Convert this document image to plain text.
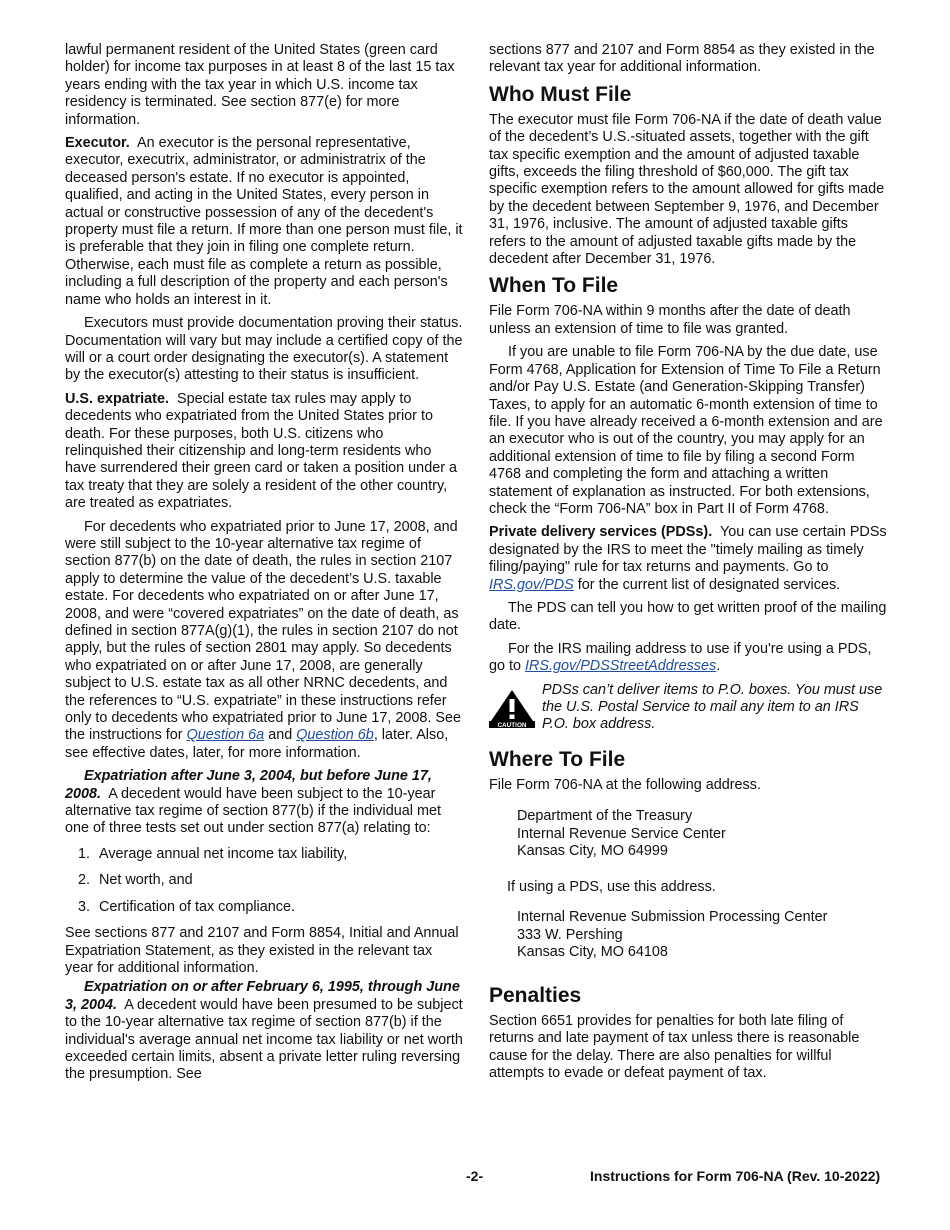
lawful permanent resident of the United States (green card holder) for income tax purposes in at least 8 of the last 15 tax years ending with the tax year in which U.S. income tax residency is terminated. See section 877(e) for more information.

Executor. An executor is the personal representative, executor, executrix, administrator, or administratrix of the deceased person's estate. If no executor is appointed, qualified, and acting in the United States, every person in actual or constructive possession of any of the decedent's property must file a return. If more than one person must file, it is preferable that they join in filing one complete return. Otherwise, each must file as complete a return as possible, including a full description of the property and each person's name who holds an interest in it.

Executors must provide documentation proving their status. Documentation will vary but may include a certified copy of the will or a court order designating the executor(s). A statement by the executor(s) attesting to their status is insufficient.

U.S. expatriate. Special estate tax rules may apply to decedents who expatriated from the United States prior to death. For these purposes, both U.S. citizens who relinquished their citizenship and long-term residents who have surrendered their green card or taken a position under a tax treaty that they are solely a resident of the other country, are treated as expatriates.

For decedents who expatriated prior to June 17, 2008, and were still subject to the 10-year alternative tax regime of section 877(b) on the date of death, the rules in section 2107 apply to determine the value of the decedent’s U.S. taxable estate. For decedents who expatriated on or after June 17, 2008, and were “covered expatriates” on the date of death, as defined in section 877A(g)(1), the rules in section 2107 do not apply, but the rules of section 2801 may apply. So decedents who expatriated on or after June 17, 2008, are generally subject to U.S. estate tax as all other NRNC decedents, and the references to “U.S. expatriate” in these instructions refer only to decedents who expatriated prior to June 17, 2008. See the instructions for Question 6a and Question 6b, later. Also, see effective dates, later, for more information.

Expatriation after June 3, 2004, but before June 17, 2008. A decedent would have been subject to the 10-year alternative tax regime of section 877(b) if the individual met one of three tests set out under section 877(a) relating to:

1. Average annual net income tax liability,
2. Net worth, and
3. Certification of tax compliance.

See sections 877 and 2107 and Form 8854, Initial and Annual Expatriation Statement, as they existed in the relevant tax year for additional information.

Expatriation on or after February 6, 1995, through June 3, 2004. A decedent would have been presumed to be subject to the 10-year alternative tax regime of section 877(b) if the individual's average annual net income tax liability or net worth exceeded certain limits, absent a private letter ruling reversing the presumption. See

sections 877 and 2107 and Form 8854 as they existed in the relevant tax year for additional information.

Who Must File

The executor must file Form 706-NA if the date of death value of the decedent’s U.S.-situated assets, together with the gift tax specific exemption and the amount of adjusted taxable gifts, exceeds the filing threshold of $60,000. The gift tax specific exemption refers to the amount allowed for gifts made by the decedent between September 9, 1976, and December 31, 1976, inclusive. The amount of adjusted taxable gifts refers to the amount of adjusted taxable gifts made by the decedent after December 31, 1976.

When To File

File Form 706-NA within 9 months after the date of death unless an extension of time to file was granted.

If you are unable to file Form 706-NA by the due date, use Form 4768, Application for Extension of Time To File a Return and/or Pay U.S. Estate (and Generation-Skipping Transfer) Taxes, to apply for an automatic 6-month extension of time to file. If you have already received a 6-month extension and are an executor who is out of the country, you may apply for an additional extension of time to file by filing a second Form 4768 and completing the form and attaching a written statement of explanation as instructed. For both extensions, check the “Form 706-NA” box in Part II of Form 4768.

Private delivery services (PDSs). You can use certain PDSs designated by the IRS to meet the "timely mailing as timely filing/paying" rule for tax returns and payments. Go to IRS.gov/PDS for the current list of designated services.

The PDS can tell you how to get written proof of the mailing date.

For the IRS mailing address to use if you're using a PDS, go to IRS.gov/PDSStreetAddresses.

CAUTION
PDSs can’t deliver items to P.O. boxes. You must use the U.S. Postal Service to mail any item to an IRS P.O. box address.
Where To File

File Form 706-NA at the following address.

Department of the Treasury
Internal Revenue Service Center
Kansas City, MO 64999
If using a PDS, use this address.
Internal Revenue Submission Processing Center
333 W. Pershing
Kansas City, MO 64108
Penalties

Section 6651 provides for penalties for both late filing of returns and late payment of tax unless there is reasonable cause for the delay. There are also penalties for willful attempts to evade or defeat payment of tax.

-2-	Instructions for Form 706-NA (Rev. 10-2022)
